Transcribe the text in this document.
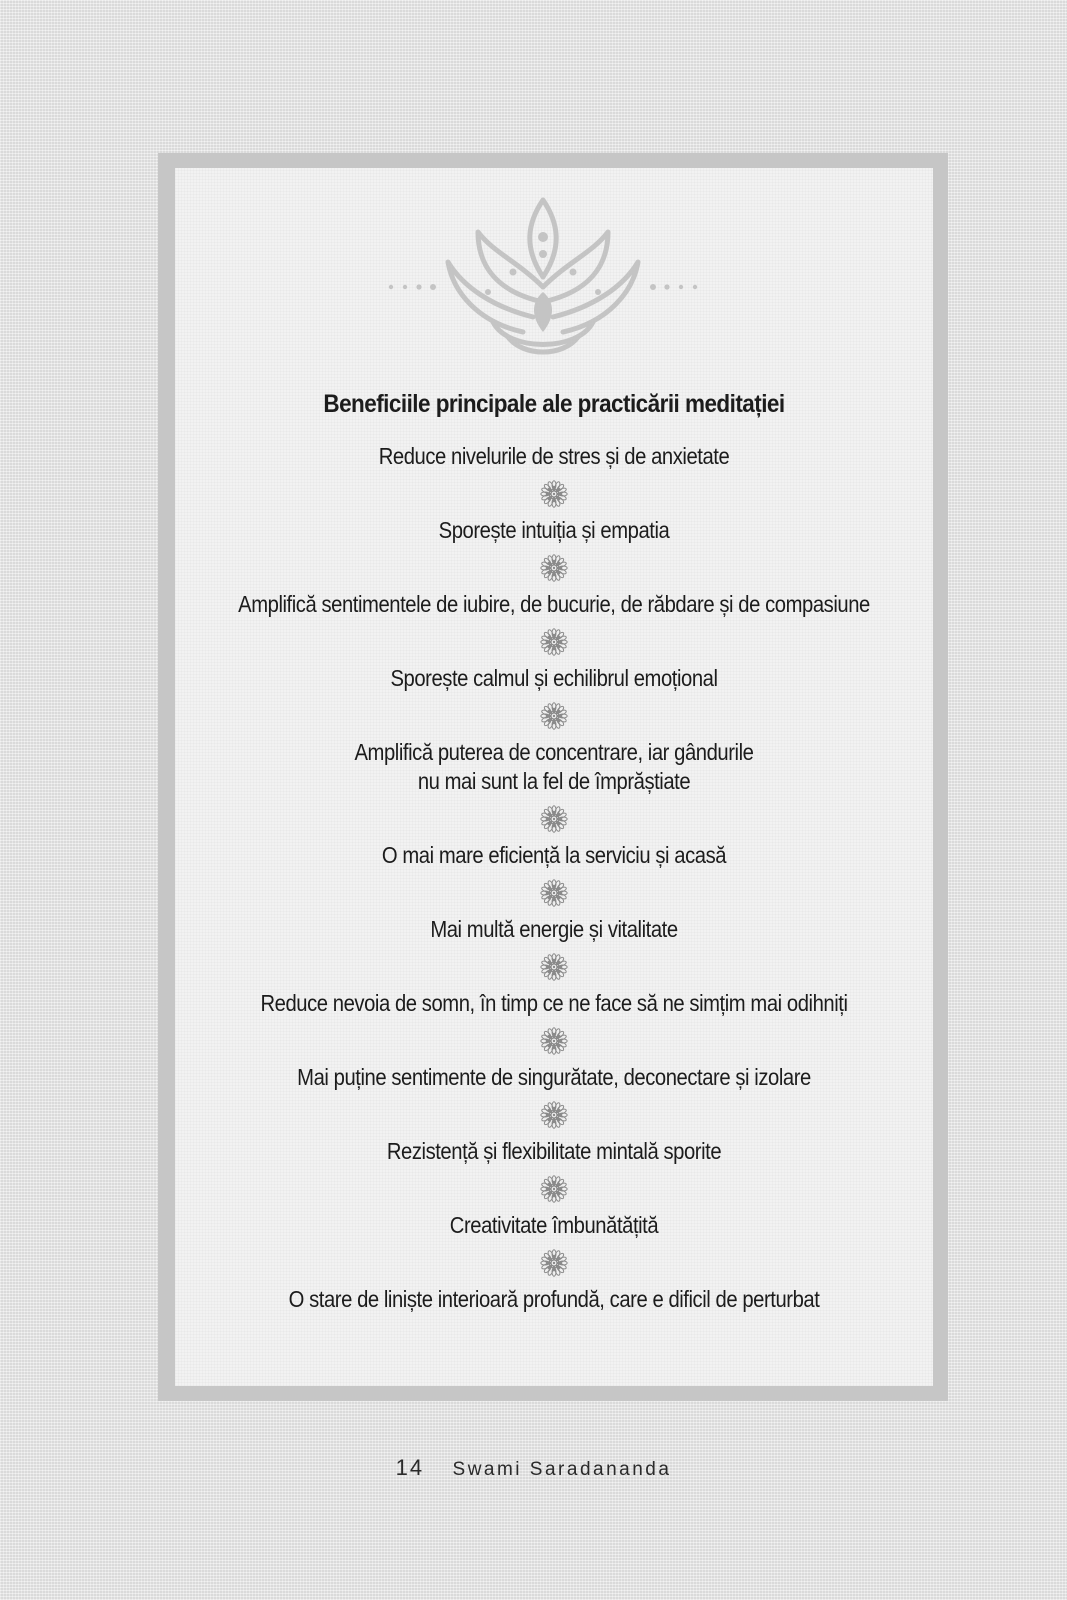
Beneficiile principale ale practicării meditației
Reduce nivelurile de stres și de anxietate
Sporește intuiția și empatia
Amplifică sentimentele de iubire, de bucurie, de răbdare și de compasiune
Sporește calmul și echilibrul emoțional
Amplifică puterea de concentrare, iar gândurile
nu mai sunt la fel de împrăștiate
O mai mare eficiență la serviciu și acasă
Mai multă energie și vitalitate
Reduce nevoia de somn, în timp ce ne face să ne simțim mai odihniți
Mai puține sentimente de singurătate, deconectare și izolare
Rezistență și flexibilitate mintală sporite
Creativitate îmbunătățită
O stare de liniște interioară profundă, care e dificil de perturbat
14 Swami Saradananda
